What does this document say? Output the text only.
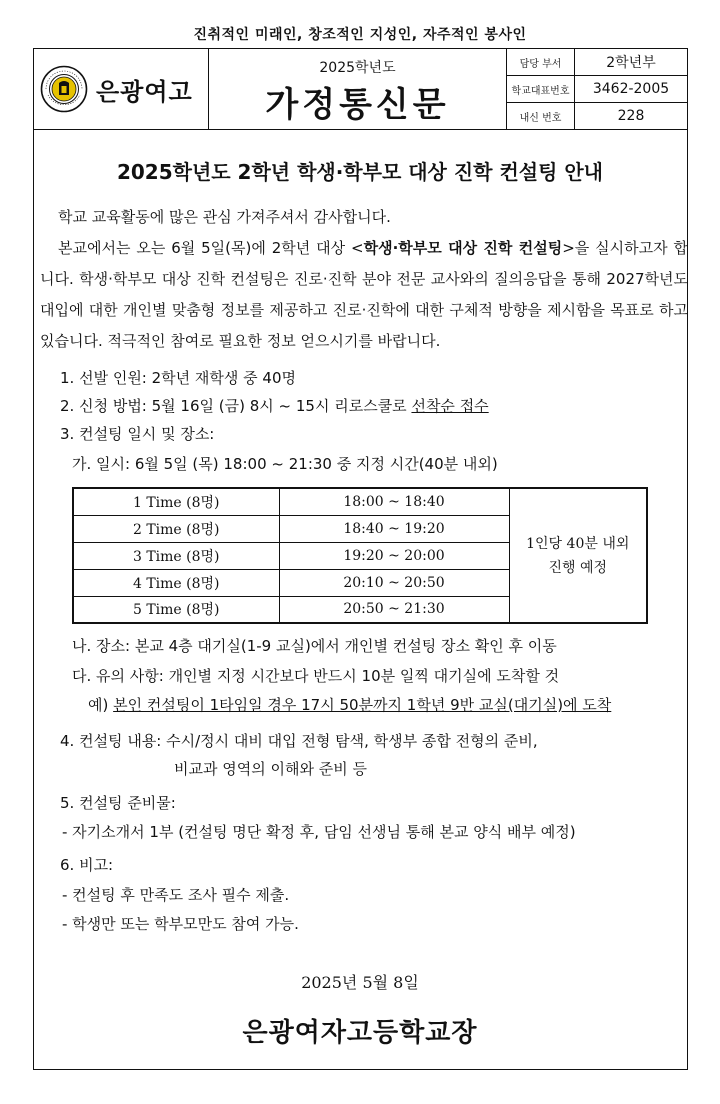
진취적인 미래인, 창조적인 지성인, 자주적인 봉사인
은광여고
2025학년도
가정통신문
담당 부서	2학년부
학교대표번호	3462-2005
내신 번호	228
2025학년도 2학년 학생·학부모 대상 진학 컨설팅 안내
학교 교육활동에 많은 관심 가져주셔서 감사합니다.
본교에서는 오는 6월 5일(목)에 2학년 대상 <학생·학부모 대상 진학 컨설팅>을 실시하고자 합니다. 학생·학부모 대상 진학 컨설팅은 진로·진학 분야 전문 교사와의 질의응답을 통해 2027학년도 대입에 대한 개인별 맞춤형 정보를 제공하고 진로·진학에 대한 구체적 방향을 제시함을 목표로 하고 있습니다. 적극적인 참여로 필요한 정보 얻으시기를 바랍니다.
1. 선발 인원: 2학년 재학생 중 40명
2. 신청 방법: 5월 16일 (금) 8시 ~ 15시 리로스쿨로 선착순 접수
3. 컨설팅 일시 및 장소:
가. 일시: 6월 5일 (목) 18:00 ~ 21:30 중 지정 시간(40분 내외)
1 Time (8명)	18:00 ~ 18:40	1인당 40분 내외
진행 예정

2 Time (8명)	18:40 ~ 19:20	
3 Time (8명)	19:20 ~ 20:00	
4 Time (8명)	20:10 ~ 20:50	
5 Time (8명)	20:50 ~ 21:30	
나. 장소: 본교 4층 대기실(1-9 교실)에서 개인별 컨설팅 장소 확인 후 이동
다. 유의 사항: 개인별 지정 시간보다 반드시 10분 일찍 대기실에 도착할 것
예) 본인 컨설팅이 1타임일 경우 17시 50분까지 1학년 9반 교실(대기실)에 도착
4. 컨설팅 내용: 수시/정시 대비 대입 전형 탐색, 학생부 종합 전형의 준비,
비교과 영역의 이해와 준비 등
5. 컨설팅 준비물:
- 자기소개서 1부 (컨설팅 명단 확정 후, 담임 선생님 통해 본교 양식 배부 예정)
6. 비고:
- 컨설팅 후 만족도 조사 필수 제출.
- 학생만 또는 학부모만도 참여 가능.
2025년 5월 8일
은광여자고등학교장
